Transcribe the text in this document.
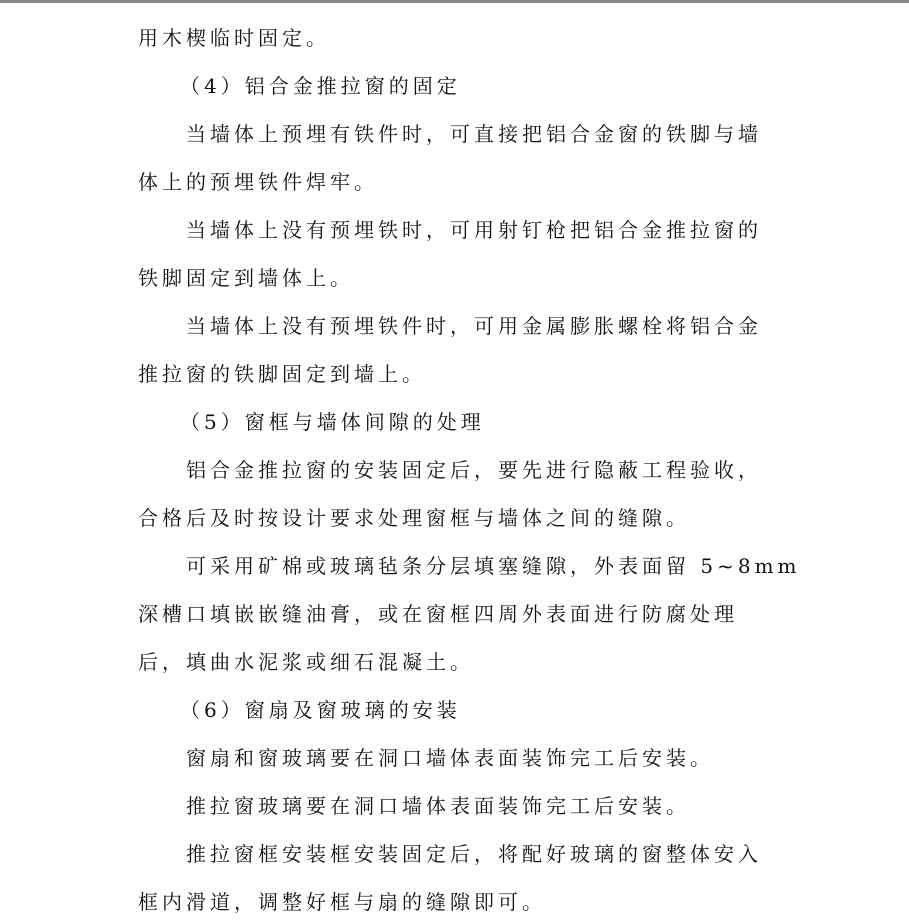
用木楔临时固定。
（4）铝合金推拉窗的固定
当墙体上预埋有铁件时，可直接把铝合金窗的铁脚与墙
体上的预埋铁件焊牢。
当墙体上没有预埋铁时，可用射钉枪把铝合金推拉窗的
铁脚固定到墙体上。
当墙体上没有预埋铁件时，可用金属膨胀螺栓将铝合金
推拉窗的铁脚固定到墙上。
（5）窗框与墙体间隙的处理
铝合金推拉窗的安装固定后，要先进行隐蔽工程验收，
合格后及时按设计要求处理窗框与墙体之间的缝隙。
可采用矿棉或玻璃毡条分层填塞缝隙，外表面留 5~8mm
深槽口填嵌嵌缝油膏，或在窗框四周外表面进行防腐处理
后，填曲水泥浆或细石混凝土。
（6）窗扇及窗玻璃的安装
窗扇和窗玻璃要在洞口墙体表面装饰完工后安装。
推拉窗玻璃要在洞口墙体表面装饰完工后安装。
推拉窗框安装框安装固定后，将配好玻璃的窗整体安入
框内滑道，调整好框与扇的缝隙即可。
